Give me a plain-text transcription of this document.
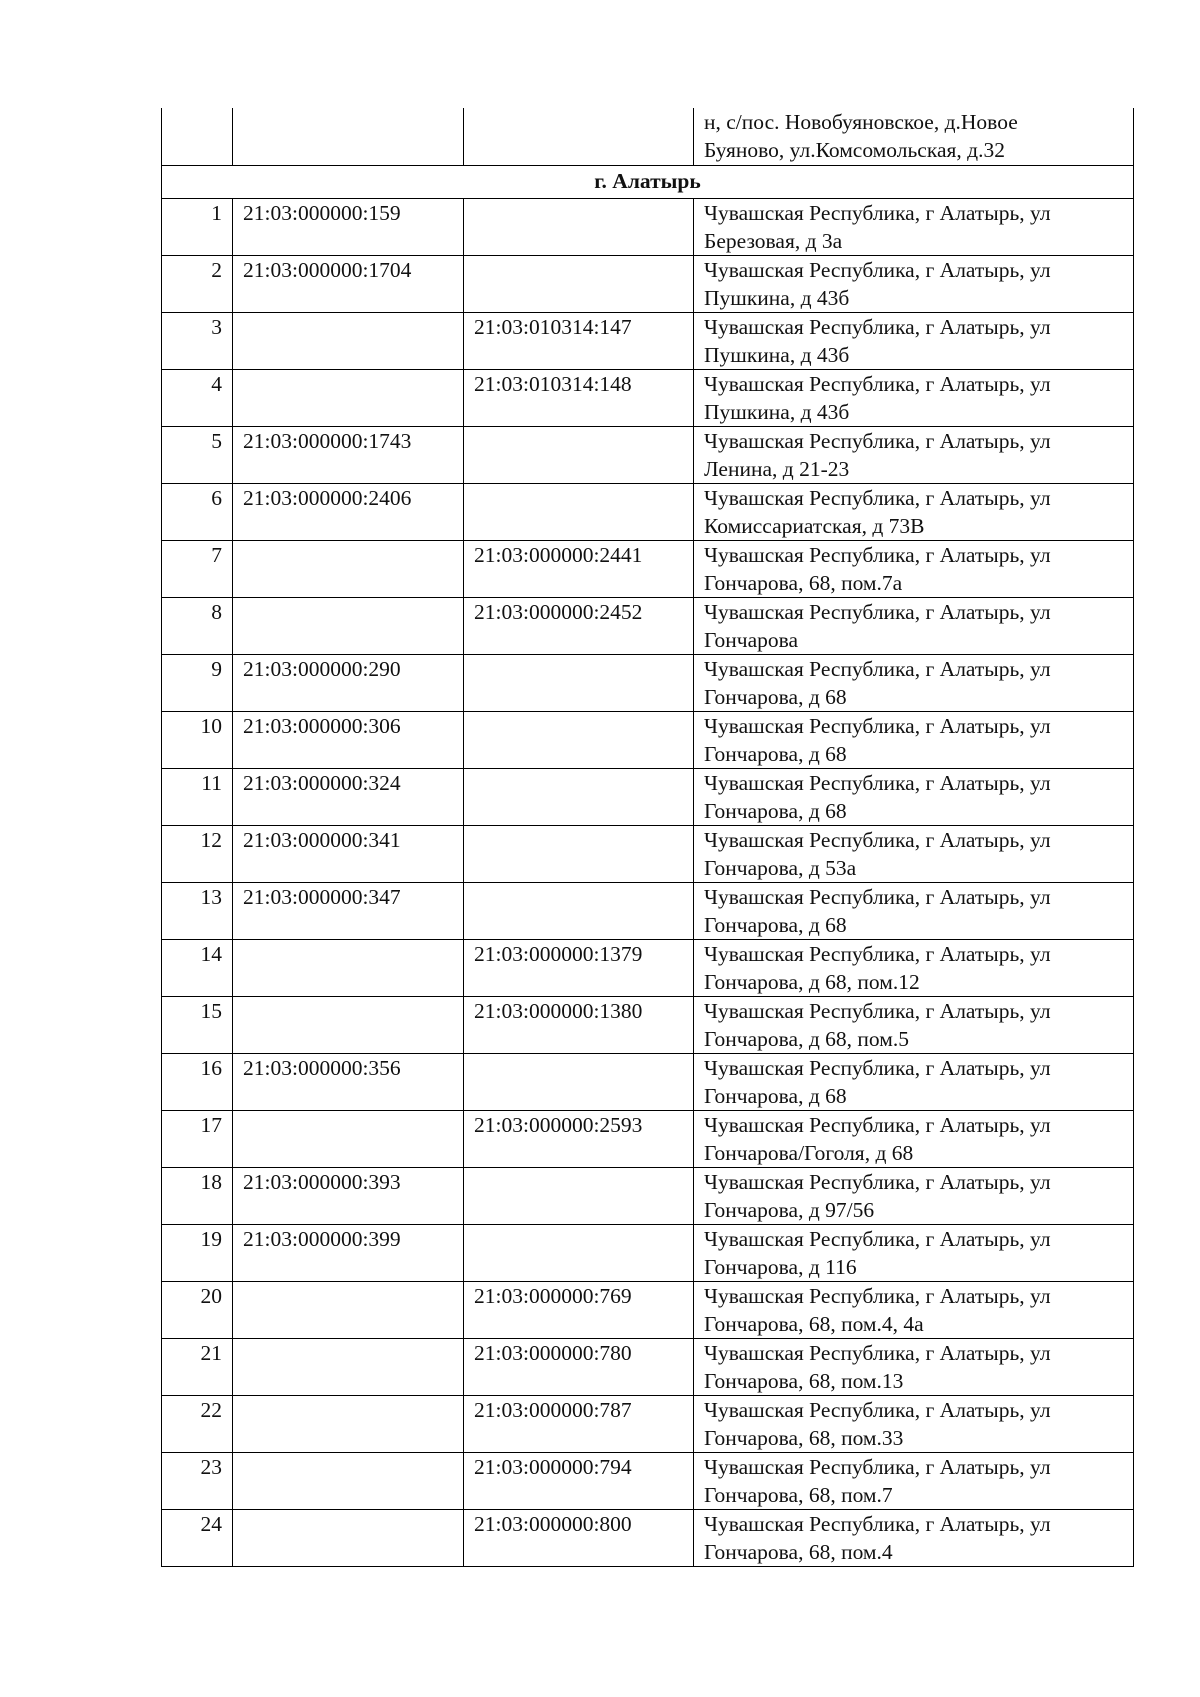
			н, с/пос. Новобуяновское, д.Новое
Буяново, ул.Комсомольская, д.32
г. Алатырь			
1	21:03:000000:159		Чувашская Республика, г Алатырь, ул
Березовая, д 3а
2	21:03:000000:1704		Чувашская Республика, г Алатырь, ул
Пушкина, д 43б
3		21:03:010314:147	Чувашская Республика, г Алатырь, ул
Пушкина, д 43б
4		21:03:010314:148	Чувашская Республика, г Алатырь, ул
Пушкина, д 43б
5	21:03:000000:1743		Чувашская Республика, г Алатырь, ул
Ленина, д 21-23
6	21:03:000000:2406		Чувашская Республика, г Алатырь, ул
Комиссариатская, д 73В
7		21:03:000000:2441	Чувашская Республика, г Алатырь, ул
Гончарова, 68, пом.7а
8		21:03:000000:2452	Чувашская Республика, г Алатырь, ул
Гончарова
9	21:03:000000:290		Чувашская Республика, г Алатырь, ул
Гончарова, д 68
10	21:03:000000:306		Чувашская Республика, г Алатырь, ул
Гончарова, д 68
11	21:03:000000:324		Чувашская Республика, г Алатырь, ул
Гончарова, д 68
12	21:03:000000:341		Чувашская Республика, г Алатырь, ул
Гончарова, д 53а
13	21:03:000000:347		Чувашская Республика, г Алатырь, ул
Гончарова, д 68
14		21:03:000000:1379	Чувашская Республика, г Алатырь, ул
Гончарова, д 68, пом.12
15		21:03:000000:1380	Чувашская Республика, г Алатырь, ул
Гончарова, д 68, пом.5
16	21:03:000000:356		Чувашская Республика, г Алатырь, ул
Гончарова, д 68
17		21:03:000000:2593	Чувашская Республика, г Алатырь, ул
Гончарова/Гоголя, д 68
18	21:03:000000:393		Чувашская Республика, г Алатырь, ул
Гончарова, д 97/56
19	21:03:000000:399		Чувашская Республика, г Алатырь, ул
Гончарова, д 116
20		21:03:000000:769	Чувашская Республика, г Алатырь, ул
Гончарова, 68, пом.4, 4а
21		21:03:000000:780	Чувашская Республика, г Алатырь, ул
Гончарова, 68, пом.13
22		21:03:000000:787	Чувашская Республика, г Алатырь, ул
Гончарова, 68, пом.33
23		21:03:000000:794	Чувашская Республика, г Алатырь, ул
Гончарова, 68, пом.7
24		21:03:000000:800	Чувашская Республика, г Алатырь, ул
Гончарова, 68, пом.4
